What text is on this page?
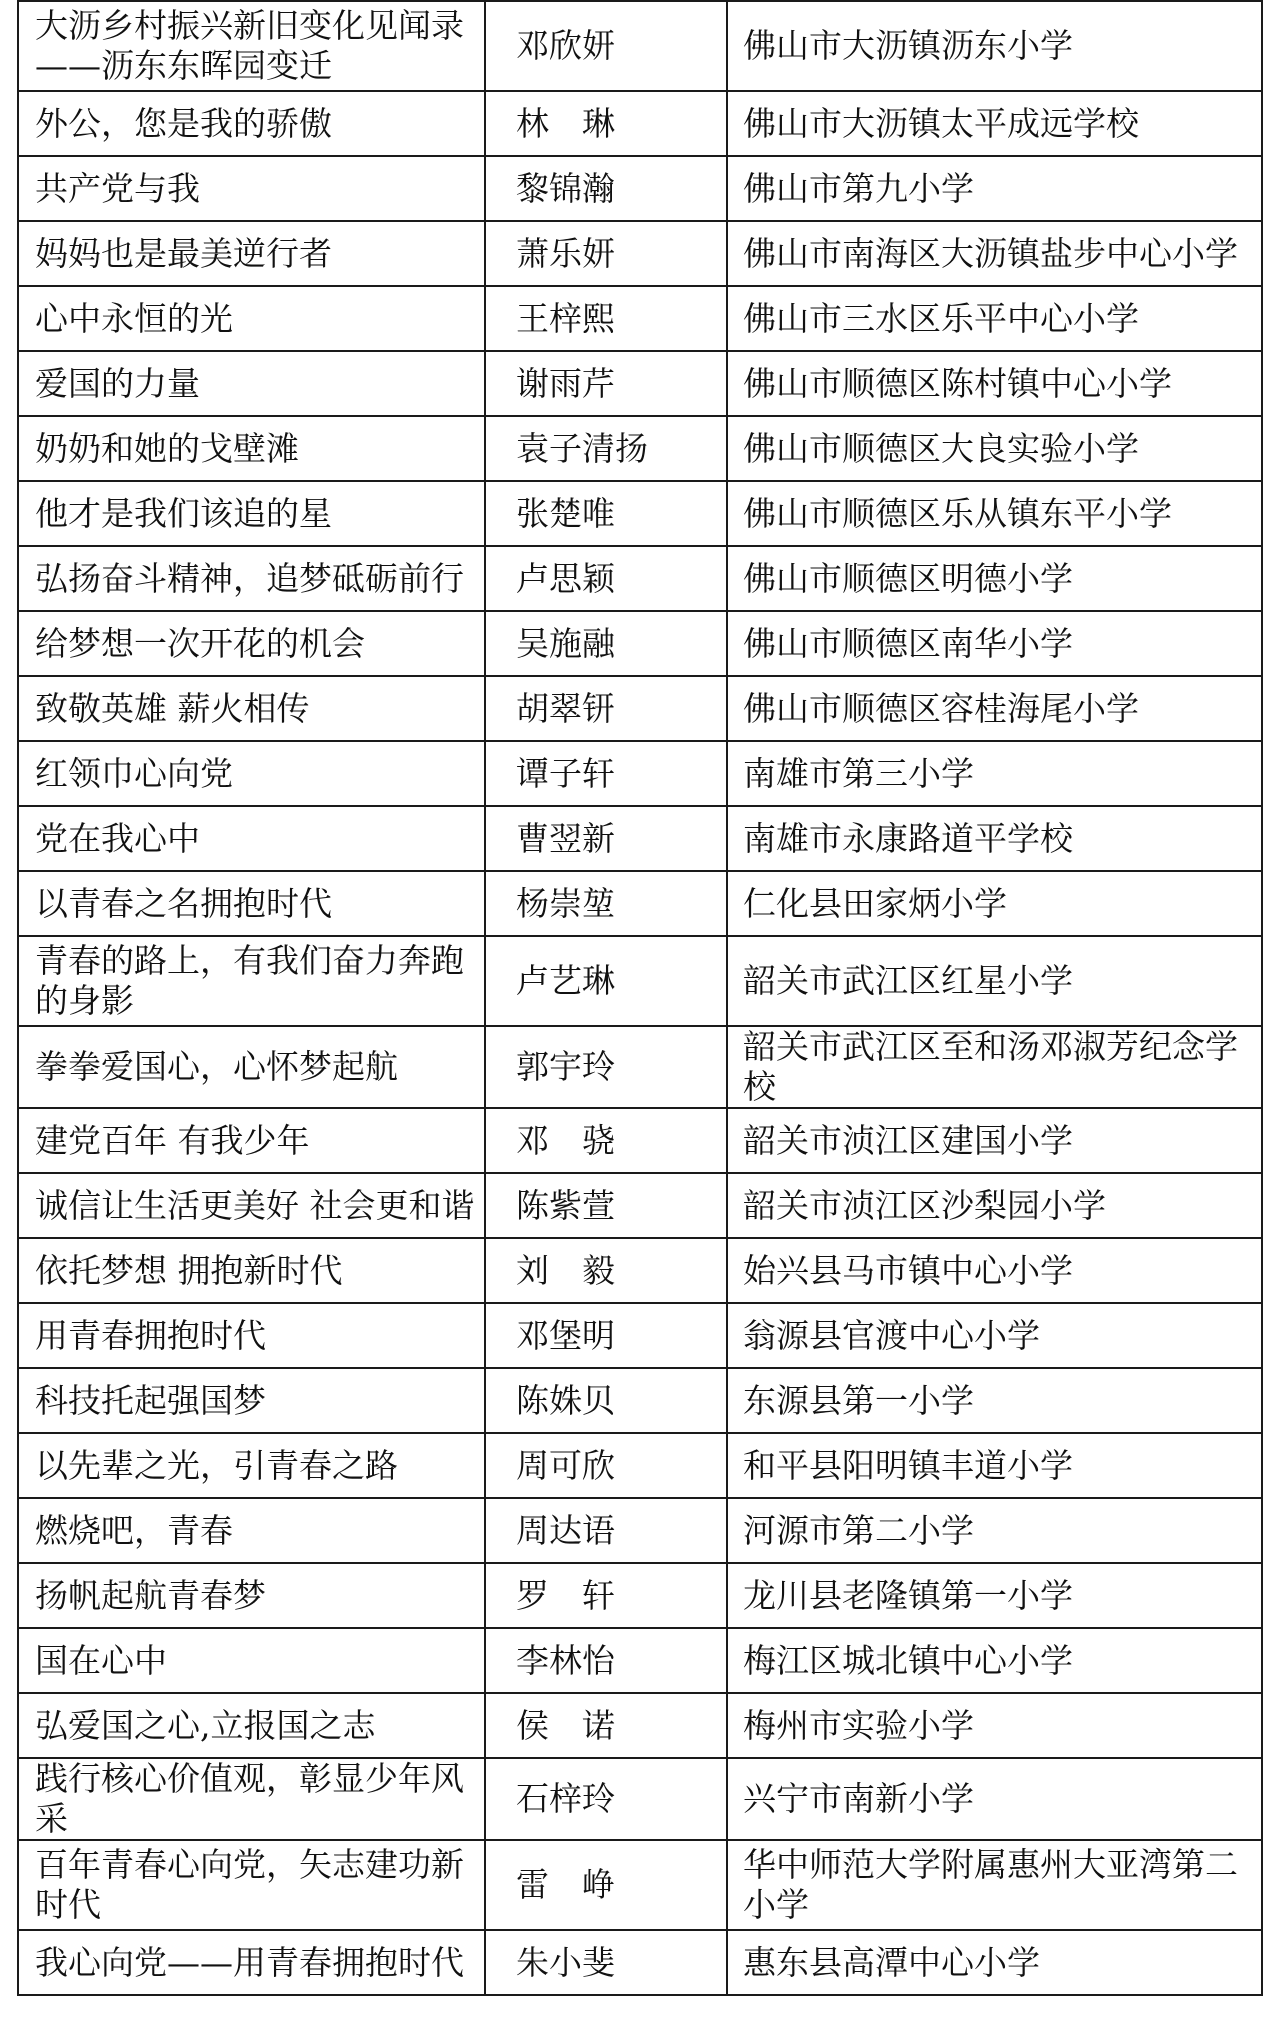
大沥乡村振兴新旧变化见闻录——沥东东晖园变迁	邓欣妍	佛山市大沥镇沥东小学
外公，您是我的骄傲	林　琳	佛山市大沥镇太平成远学校
共产党与我	黎锦瀚	佛山市第九小学
妈妈也是最美逆行者	萧乐妍	佛山市南海区大沥镇盐步中心小学
心中永恒的光	王梓熙	佛山市三水区乐平中心小学
爱国的力量	谢雨芹	佛山市顺德区陈村镇中心小学
奶奶和她的戈壁滩	袁子清扬	佛山市顺德区大良实验小学
他才是我们该追的星	张楚唯	佛山市顺德区乐从镇东平小学
弘扬奋斗精神，追梦砥砺前行	卢思颖	佛山市顺德区明德小学
给梦想一次开花的机会	吴施融	佛山市顺德区南华小学
致敬英雄 薪火相传	胡翠钘	佛山市顺德区容桂海尾小学
红领巾心向党	谭子轩	南雄市第三小学
党在我心中	曹翌新	南雄市永康路道平学校
以青春之名拥抱时代	杨崇堃	仁化县田家炳小学
青春的路上，有我们奋力奔跑的身影	卢艺琳	韶关市武江区红星小学
拳拳爱国心，心怀梦起航	郭宇玲	韶关市武江区至和汤邓淑芳纪念学校
建党百年 有我少年	邓　骁	韶关市浈江区建国小学
诚信让生活更美好 社会更和谐	陈紫萱	韶关市浈江区沙梨园小学
依托梦想 拥抱新时代	刘　毅	始兴县马市镇中心小学
用青春拥抱时代	邓堡明	翁源县官渡中心小学
科技托起强国梦	陈姝贝	东源县第一小学
以先辈之光，引青春之路	周可欣	和平县阳明镇丰道小学
燃烧吧，青春	周达语	河源市第二小学
扬帆起航青春梦	罗　轩	龙川县老隆镇第一小学
国在心中	李林怡	梅江区城北镇中心小学
弘爱国之心,立报国之志	侯　诺	梅州市实验小学
践行核心价值观，彰显少年风采	石梓玲	兴宁市南新小学
百年青春心向党，矢志建功新时代	雷　峥	华中师范大学附属惠州大亚湾第二小学
我心向党——用青春拥抱时代	朱小斐	惠东县高潭中心小学
